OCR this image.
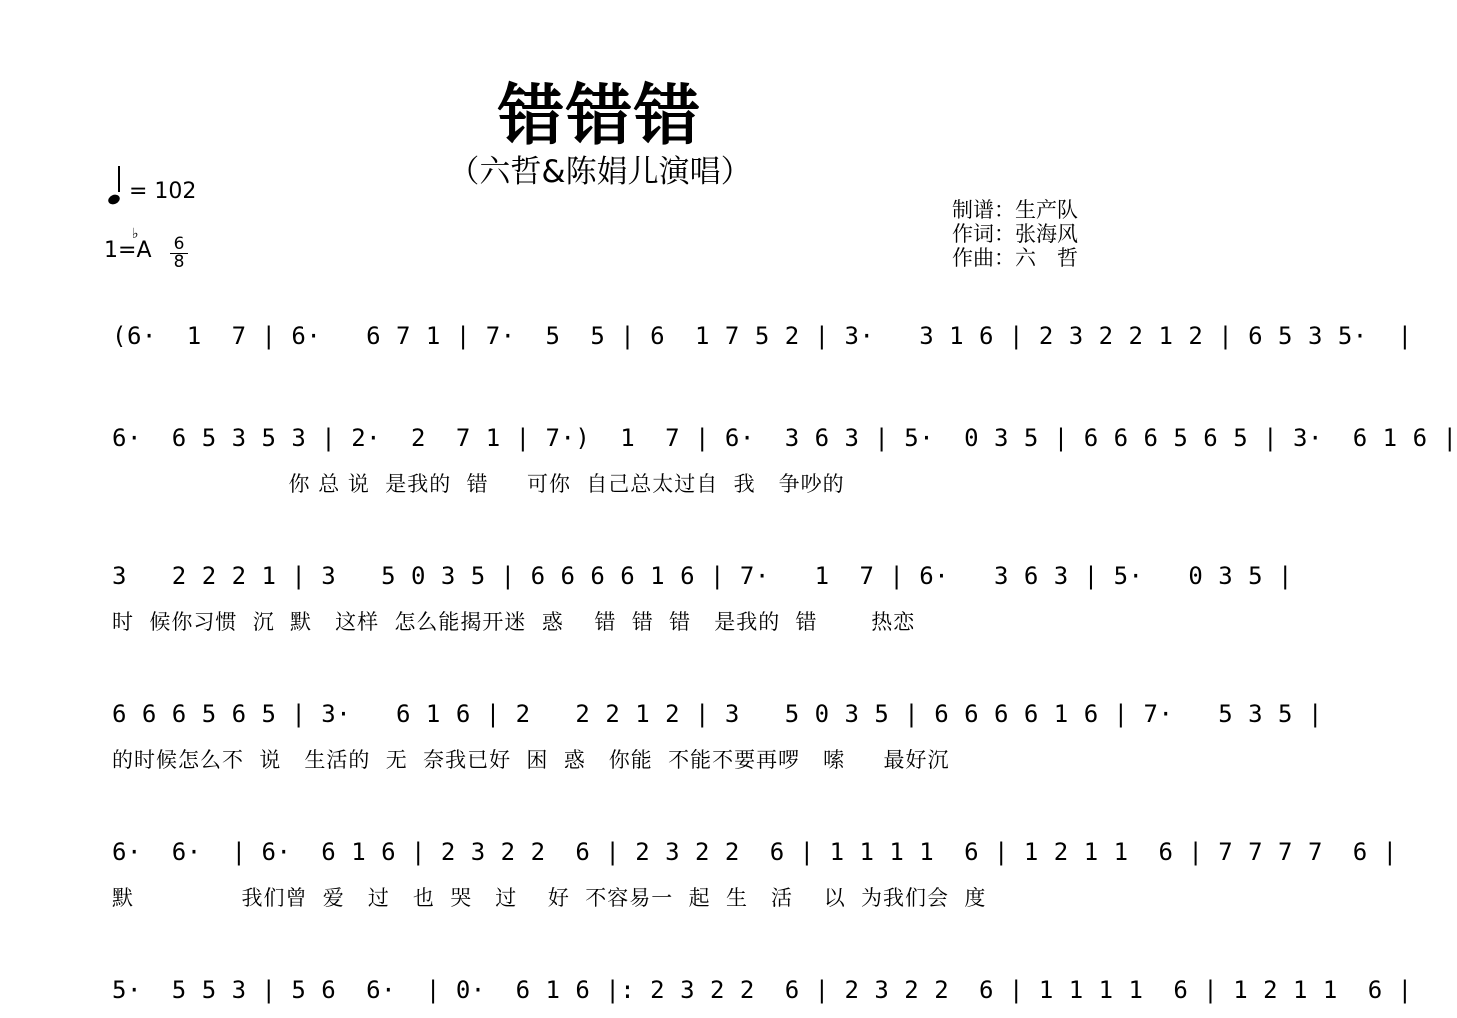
错错错
（六哲&陈娟儿演唱）
= 102
1=
♭
A 6
8
制谱：生产队
作词：张海风
作曲：六　哲
(6·  1  7 | 6·   6 7 1 | 7·  5  5 | 6  1 7 5 2 | 3·   3 1 6 | 2 3 2 2 1 2 | 6 5 3 5·  |
6·  6 5 3 5 3 | 2·  2  7 1 | 7·)  1  7 | 6·  3 6 3 | 5·  0 3 5 | 6 6 6 5 6 5 | 3·  6 1 6 |
你 总 说  是我的  错     可你  自己总太过自  我   争吵的
3   2 2 2 1 | 3   5 0 3 5 | 6 6 6 6 1 6 | 7·   1  7 | 6·   3 6 3 | 5·   0 3 5 |
时  候你习惯  沉  默   这样  怎么能揭开迷  惑    错  错  错   是我的  错       热恋
6 6 6 5 6 5 | 3·   6 1 6 | 2   2 2 1 2 | 3   5 0 3 5 | 6 6 6 6 1 6 | 7·   5 3 5 |
的时候怎么不  说   生活的  无  奈我已好  困  惑   你能  不能不要再啰   嗦     最好沉
6·  6·  | 6·  6 1 6 | 2 3 2 2  6 | 2 3 2 2  6 | 1 1 1 1  6 | 1 2 1 1  6 | 7 7 7 7  6 |
默              我们曾  爱   过   也  哭   过    好  不容易一  起  生   活    以  为我们会  度
5·  5 5 3 | 5 6  6·  | 0·  6 1 6 |: 2 3 2 2  6 | 2 3 2 2  6 | 1 1 1 1  6 | 1 2 1 1  6 |
